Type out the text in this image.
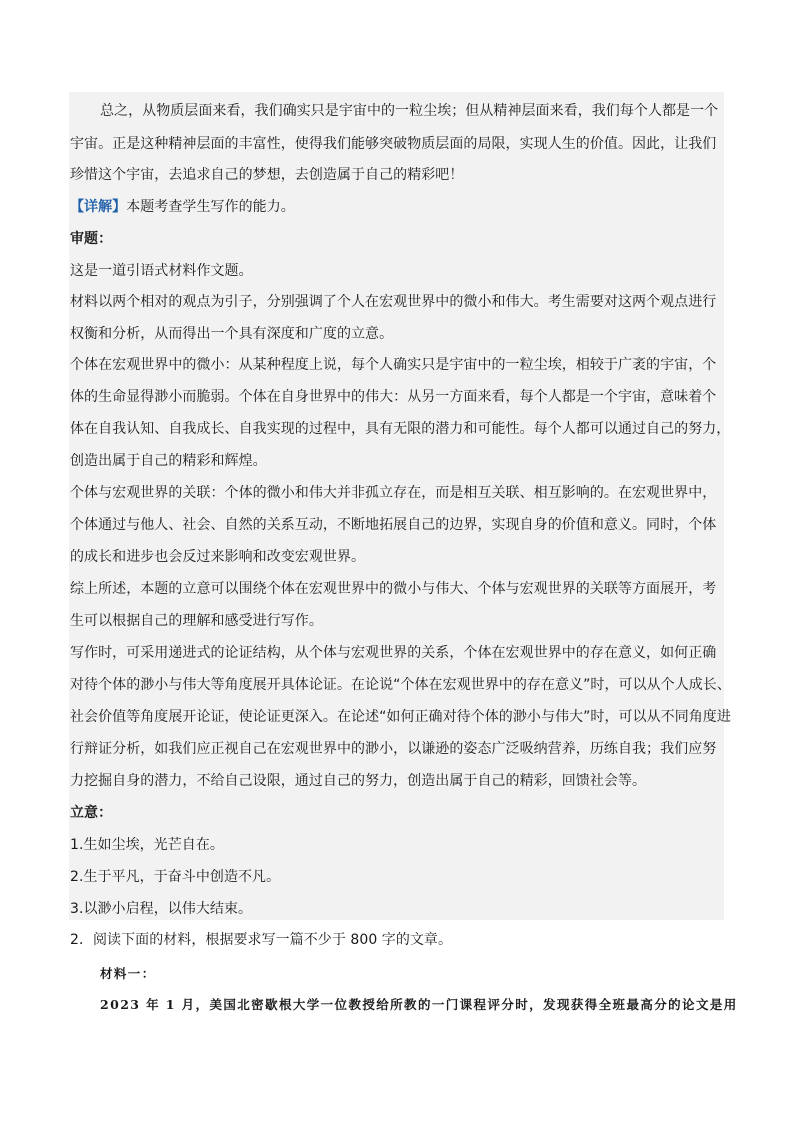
总之，从物质层面来看，我们确实只是宇宙中的一粒尘埃；但从精神层面来看，我们每个人都是一个
宇宙。正是这种精神层面的丰富性，使得我们能够突破物质层面的局限，实现人生的价值。因此，让我们
珍惜这个宇宙，去追求自己的梦想，去创造属于自己的精彩吧！
【详解】本题考查学生写作的能力。
审题：
这是一道引语式材料作文题。
材料以两个相对的观点为引子，分别强调了个人在宏观世界中的微小和伟大。考生需要对这两个观点进行
权衡和分析，从而得出一个具有深度和广度的立意。
个体在宏观世界中的微小：从某种程度上说，每个人确实只是宇宙中的一粒尘埃，相较于广袤的宇宙，个
体的生命显得渺小而脆弱。个体在自身世界中的伟大：从另一方面来看，每个人都是一个宇宙，意味着个
体在自我认知、自我成长、自我实现的过程中，具有无限的潜力和可能性。每个人都可以通过自己的努力，
创造出属于自己的精彩和辉煌。
个体与宏观世界的关联：个体的微小和伟大并非孤立存在，而是相互关联、相互影响的。在宏观世界中，
个体通过与他人、社会、自然的关系互动，不断地拓展自己的边界，实现自身的价值和意义。同时，个体
的成长和进步也会反过来影响和改变宏观世界。
综上所述，本题的立意可以围绕个体在宏观世界中的微小与伟大、个体与宏观世界的关联等方面展开，考
生可以根据自己的理解和感受进行写作。
写作时，可采用递进式的论证结构，从个体与宏观世界的关系，个体在宏观世界中的存在意义，如何正确
对待个体的渺小与伟大等角度展开具体论证。在论说“个体在宏观世界中的存在意义”时，可以从个人成长、
社会价值等角度展开论证，使论证更深入。在论述“如何正确对待个体的渺小与伟大”时，可以从不同角度进
行辩证分析，如我们应正视自己在宏观世界中的渺小，以谦逊的姿态广泛吸纳营养，历练自我；我们应努
力挖掘自身的潜力，不给自己设限，通过自己的努力，创造出属于自己的精彩，回馈社会等。
立意：
1.生如尘埃，光芒自在。
2.生于平凡，于奋斗中创造不凡。
3.以渺小启程，以伟大结束。
2．阅读下面的材料，根据要求写一篇不少于 800 字的文章。
材料一：
2023 年 1 月，美国北密歇根大学一位教授给所教的一门课程评分时，发现获得全班最高分的论文是用
